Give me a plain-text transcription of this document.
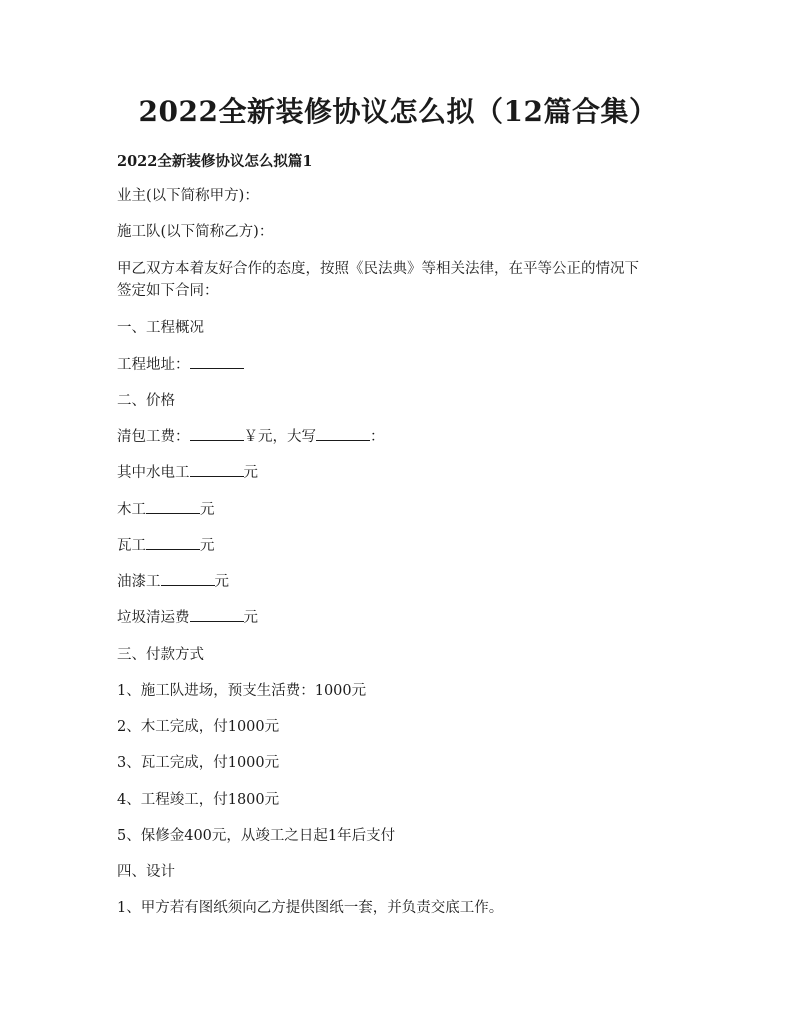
2022全新装修协议怎么拟（12篇合集）
2022全新装修协议怎么拟篇1
业主(以下简称甲方)：
施工队(以下简称乙方)：
甲乙双方本着友好合作的态度，按照《民法典》等相关法律，在平等公正的情况下
签定如下合同：
一、工程概况
工程地址：
二、价格
清包工费：	￥元，大写	：
其中水电工	元
木工	元
瓦工	元
油漆工	元
垃圾清运费	元
三、付款方式
1、施工队进场，预支生活费：1000元
2、木工完成，付1000元
3、瓦工完成，付1000元
4、工程竣工，付1800元
5、保修金400元，从竣工之日起1年后支付
四、设计
1、甲方若有图纸须向乙方提供图纸一套，并负责交底工作。
